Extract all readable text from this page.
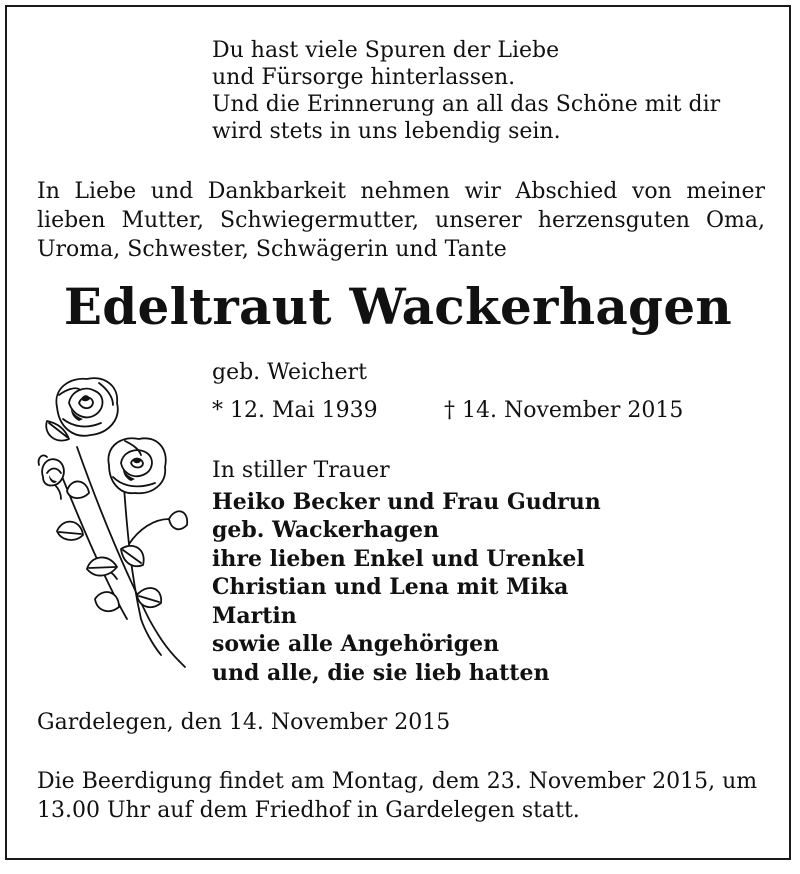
Du hast viele Spuren der Liebe
und Fürsorge hinterlassen.
Und die Erinnerung an all das Schöne mit dir
wird stets in uns lebendig sein.
In Liebe und Dankbarkeit nehmen wir Abschied von meiner
lieben Mutter, Schwiegermutter, unserer herzensguten Oma,
Uroma, Schwester, Schwägerin und Tante
Edeltraut Wackerhagen
geb. Weichert
* 12. Mai 1939	† 14. November 2015
In stiller Trauer
Heiko Becker und Frau Gudrun
geb. Wackerhagen
ihre lieben Enkel und Urenkel
Christian und Lena mit Mika
Martin
sowie alle Angehörigen
und alle, die sie lieb hatten
Gardelegen, den 14. November 2015
Die Beerdigung findet am Montag, dem 23. November 2015, um
13.00 Uhr auf dem Friedhof in Gardelegen statt.
